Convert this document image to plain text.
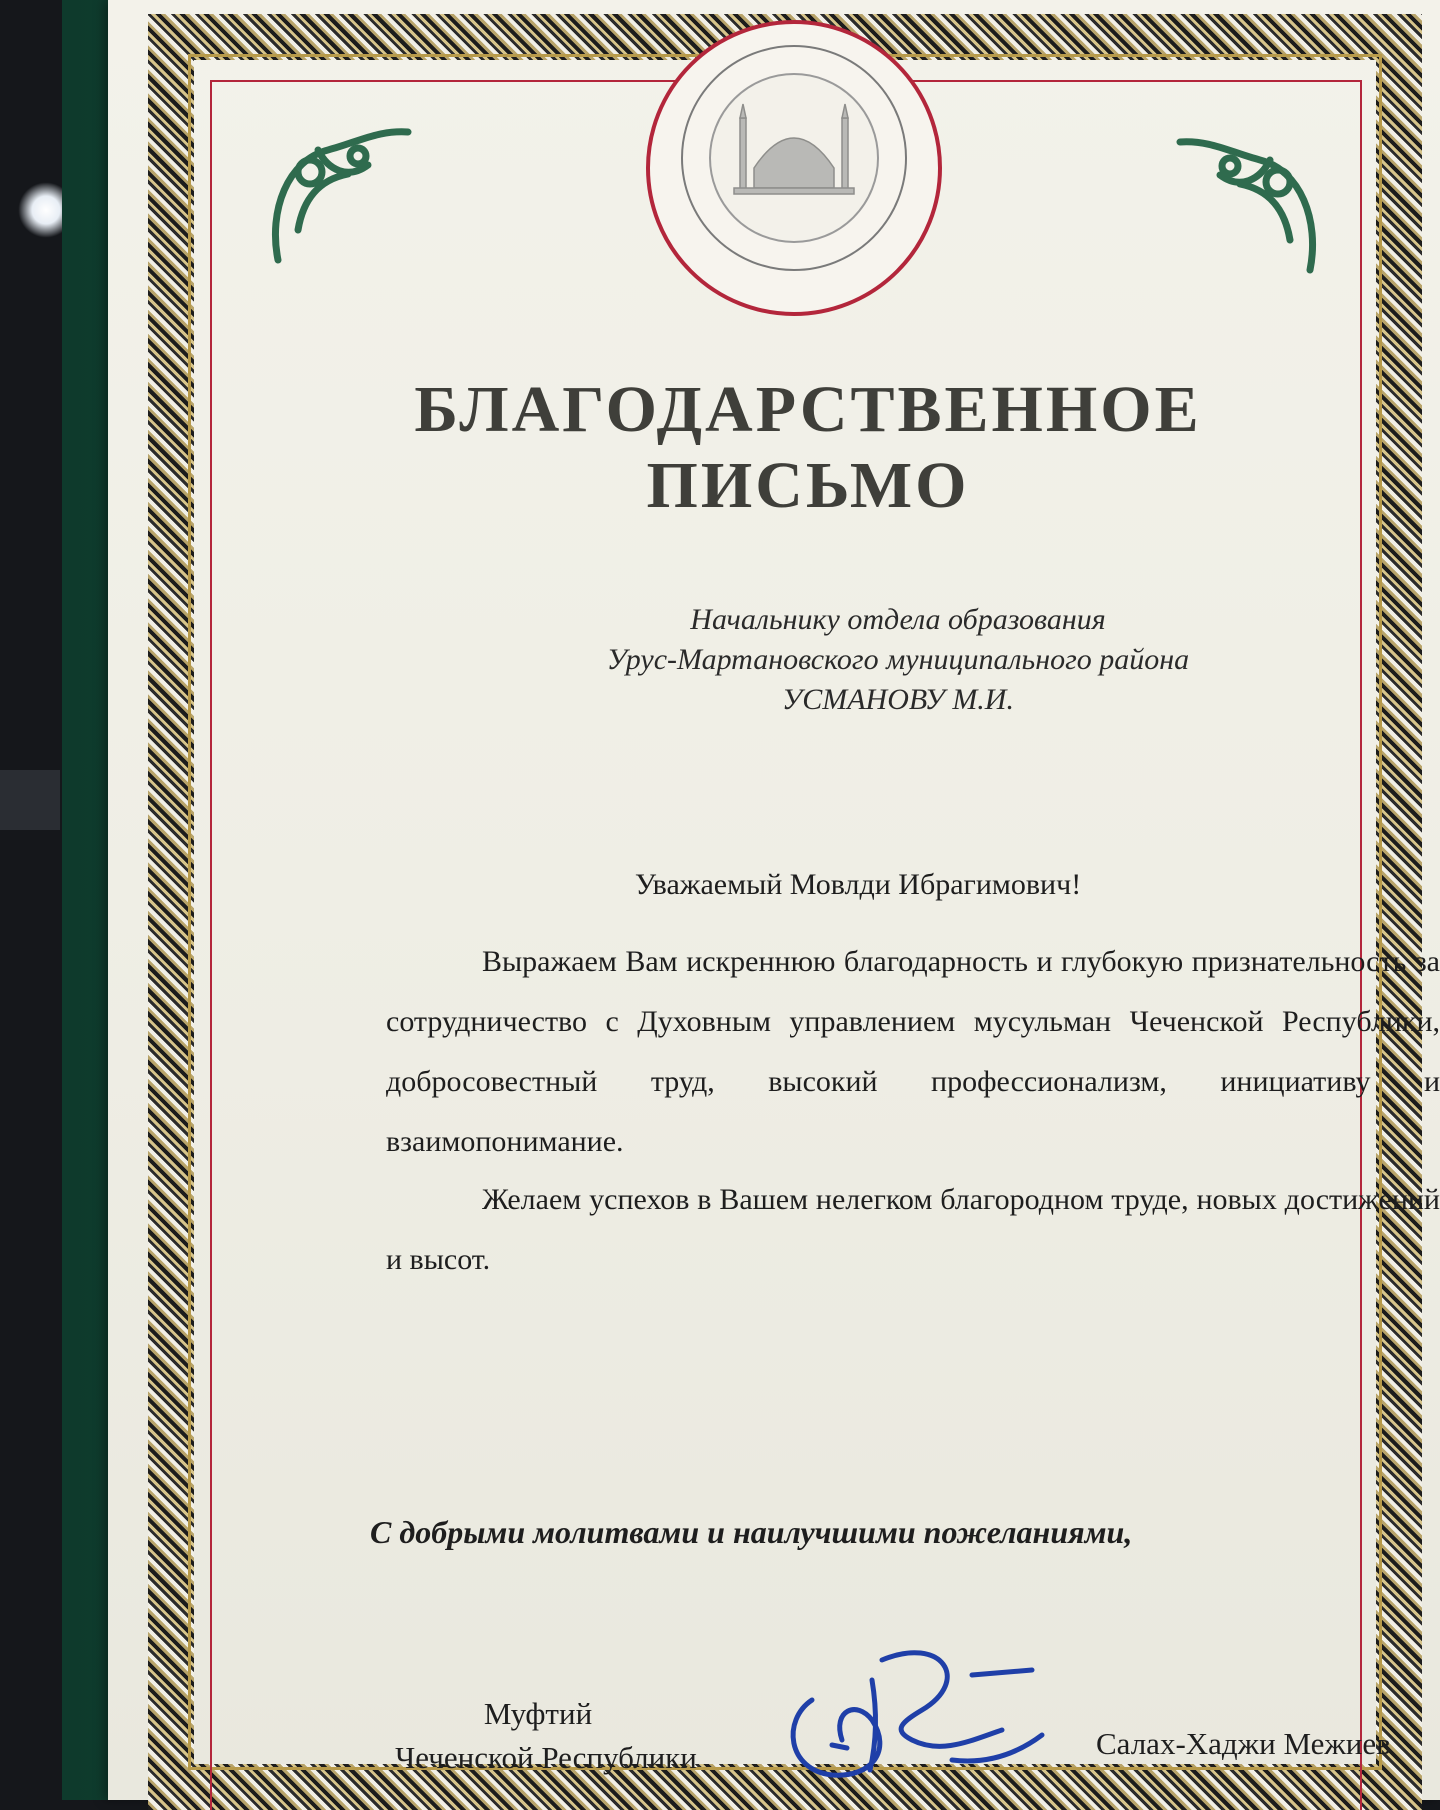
БЛАГОДАРСТВЕННОЕ
ПИСЬМО
Начальнику отдела образования
Урус-Мартановского муниципального района
УСМАНОВУ М.И.
Уважаемый Мовлди Ибрагимович!
Выражаем Вам искреннюю благодарность и глубокую признательность за сотрудничество с Духовным управлением мусульман Чеченской Республики, добросовестный труд, высокий профессионализм, инициативу и взаимопонимание.
Желаем успехов в Вашем нелегком благородном труде, новых достижений и высот.
С добрыми молитвами и наилучшими пожеланиями,
Муфтий
Чеченской Республики	Салах-Хаджи Межиев
